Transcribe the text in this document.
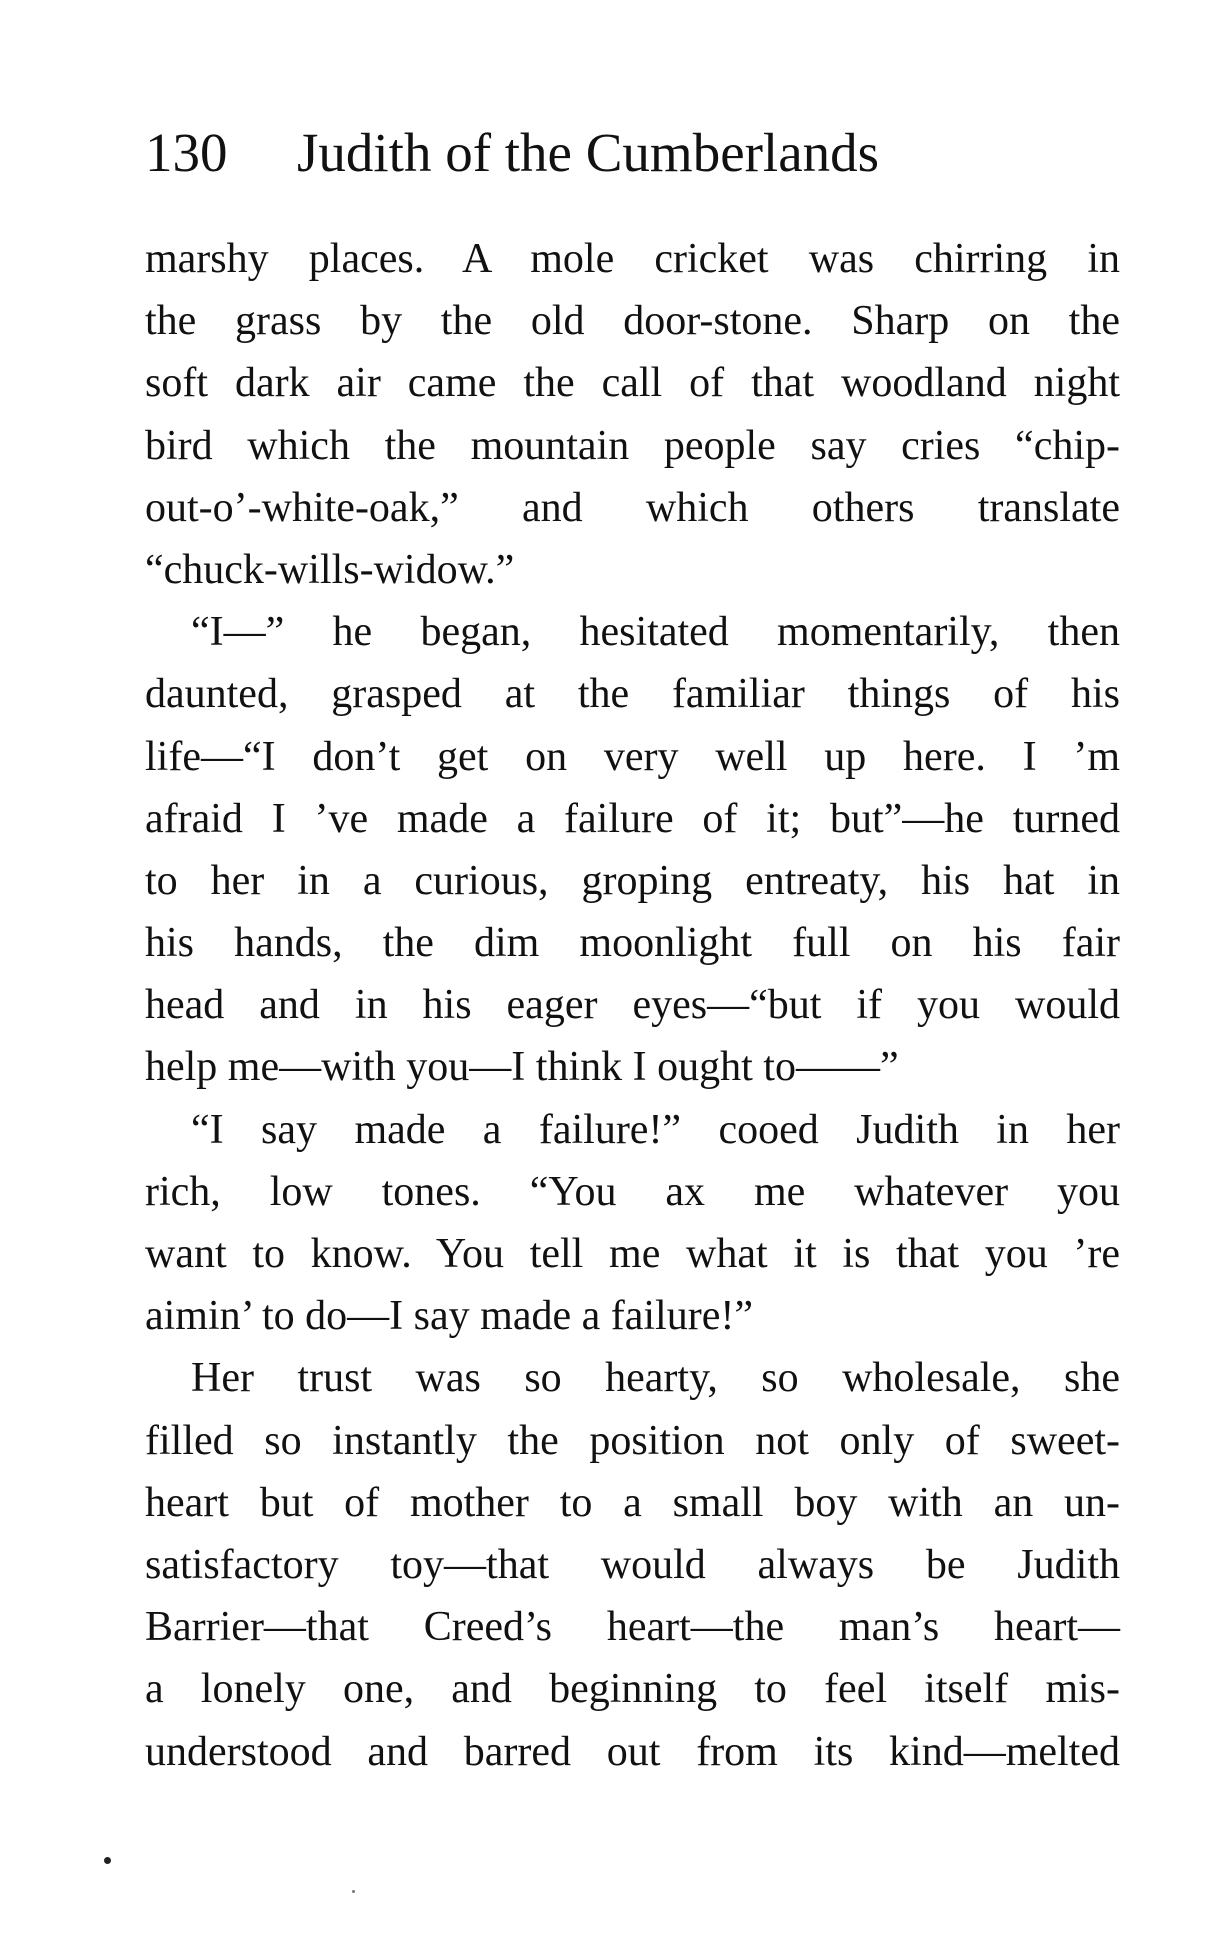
130 Judith of the Cumberlands
marshy places. A mole cricket was chirring in
the grass by the old door-stone. Sharp on the
soft dark air came the call of that woodland night
bird which the mountain people say cries “chip-
out-o’-white-oak,” and which others translate
“chuck-wills-widow.”
“I—” he began, hesitated momentarily, then
daunted, grasped at the familiar things of his
life—“I don’t get on very well up here. I ’m
afraid I ’ve made a failure of it; but”—he turned
to her in a curious, groping entreaty, his hat in
his hands, the dim moonlight full on his fair
head and in his eager eyes—“but if you would
help me—with you—I think I ought to——”
“I say made a failure!” cooed Judith in her
rich, low tones. “You ax me whatever you
want to know. You tell me what it is that you ’re
aimin’ to do—I say made a failure!”
Her trust was so hearty, so wholesale, she
filled so instantly the position not only of sweet-
heart but of mother to a small boy with an un-
satisfactory toy—that would always be Judith
Barrier—that Creed’s heart—the man’s heart—
a lonely one, and beginning to feel itself mis-
understood and barred out from its kind—melted
